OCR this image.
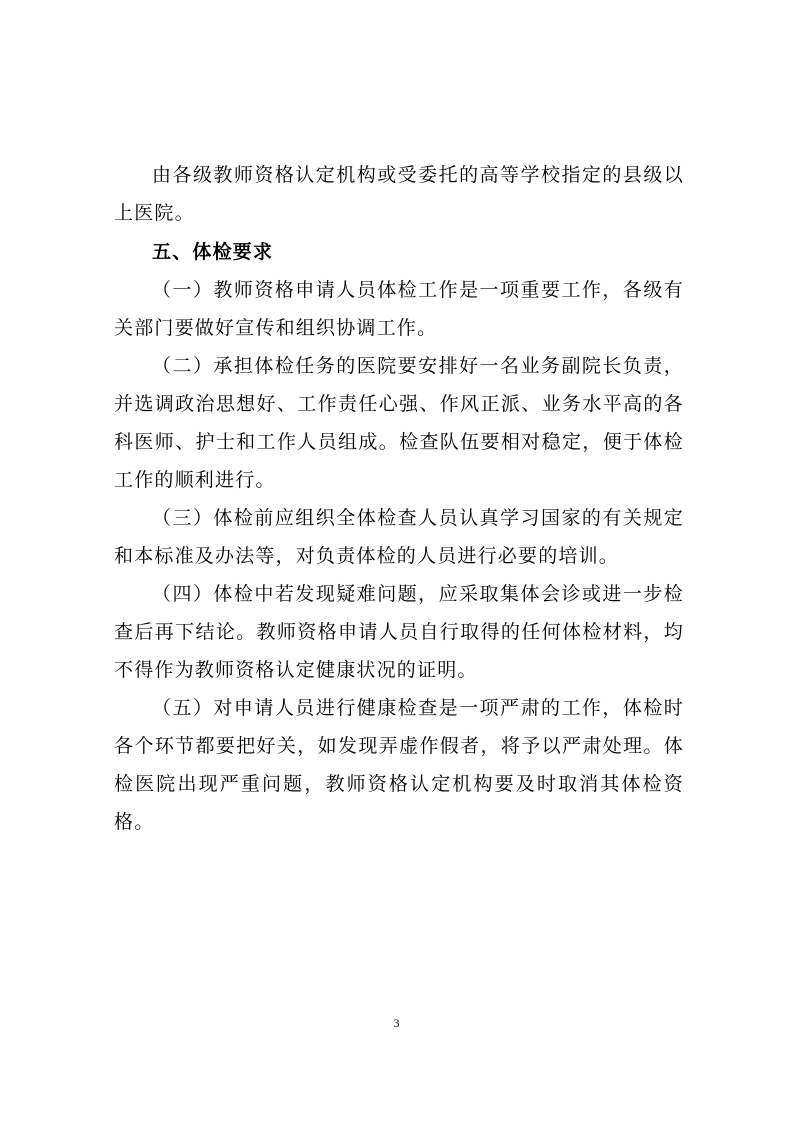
由各级教师资格认定机构或受委托的高等学校指定的县级以上医院。

五、体检要求

（一）教师资格申请人员体检工作是一项重要工作，各级有关部门要做好宣传和组织协调工作。

（二）承担体检任务的医院要安排好一名业务副院长负责，并选调政治思想好、工作责任心强、作风正派、业务水平高的各科医师、护士和工作人员组成。检查队伍要相对稳定，便于体检工作的顺利进行。

（三）体检前应组织全体检查人员认真学习国家的有关规定和本标准及办法等，对负责体检的人员进行必要的培训。

（四）体检中若发现疑难问题，应采取集体会诊或进一步检查后再下结论。教师资格申请人员自行取得的任何体检材料，均不得作为教师资格认定健康状况的证明。

（五）对申请人员进行健康检查是一项严肃的工作，体检时各个环节都要把好关，如发现弄虚作假者，将予以严肃处理。体检医院出现严重问题，教师资格认定机构要及时取消其体检资格。

3
